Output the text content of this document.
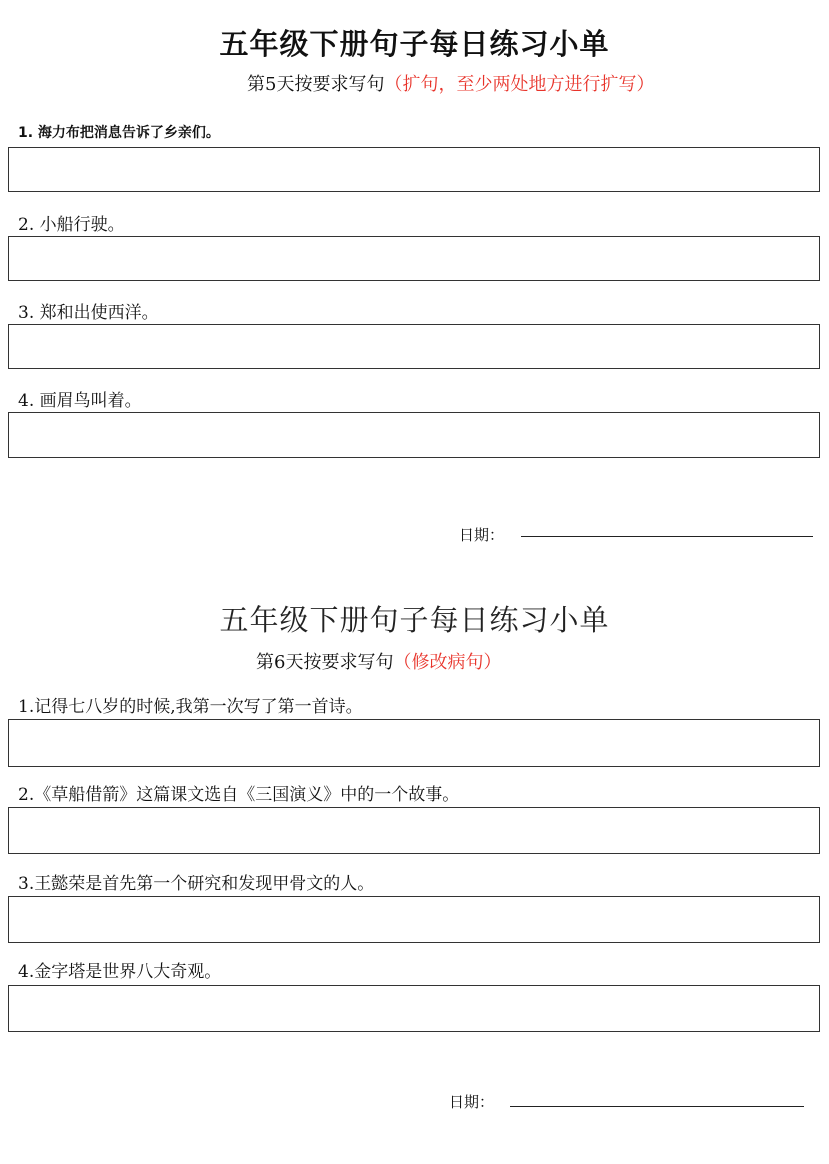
五年级下册句子每日练习小单
第5天按要求写句（扩句，至少两处地方进行扩写）
1. 海力布把消息告诉了乡亲们。
2. 小船行驶。
3. 郑和出使西洋。
4. 画眉鸟叫着。
日期：
五年级下册句子每日练习小单
第6天按要求写句（修改病句）
1.记得七八岁的时候,我第一次写了第一首诗。
2.《草船借箭》这篇课文选自《三国演义》中的一个故事。
3.王懿荣是首先第一个研究和发现甲骨文的人。
4.金字塔是世界八大奇观。
日期：
